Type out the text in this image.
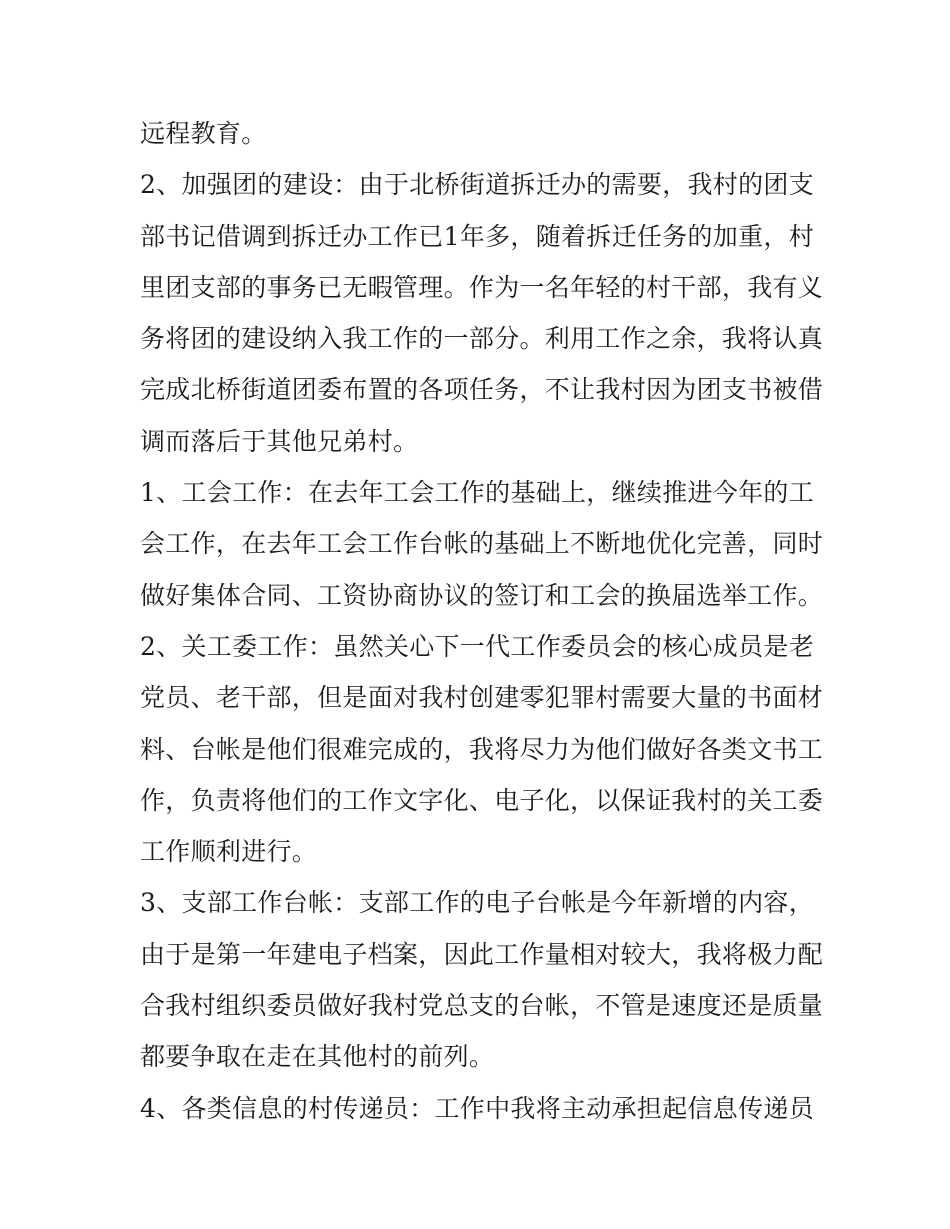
远程教育。
2、加强团的建设：由于北桥街道拆迁办的需要，我村的团支
部书记借调到拆迁办工作已1年多，随着拆迁任务的加重，村
里团支部的事务已无暇管理。作为一名年轻的村干部，我有义
务将团的建设纳入我工作的一部分。利用工作之余，我将认真
完成北桥街道团委布置的各项任务，不让我村因为团支书被借
调而落后于其他兄弟村。
1、工会工作：在去年工会工作的基础上，继续推进今年的工
会工作，在去年工会工作台帐的基础上不断地优化完善，同时
做好集体合同、工资协商协议的签订和工会的换届选举工作。
2、关工委工作：虽然关心下一代工作委员会的核心成员是老
党员、老干部，但是面对我村创建零犯罪村需要大量的书面材
料、台帐是他们很难完成的，我将尽力为他们做好各类文书工
作，负责将他们的工作文字化、电子化，以保证我村的关工委
工作顺利进行。
3、支部工作台帐：支部工作的电子台帐是今年新增的内容，
由于是第一年建电子档案，因此工作量相对较大，我将极力配
合我村组织委员做好我村党总支的台帐，不管是速度还是质量
都要争取在走在其他村的前列。
4、各类信息的村传递员：工作中我将主动承担起信息传递员
